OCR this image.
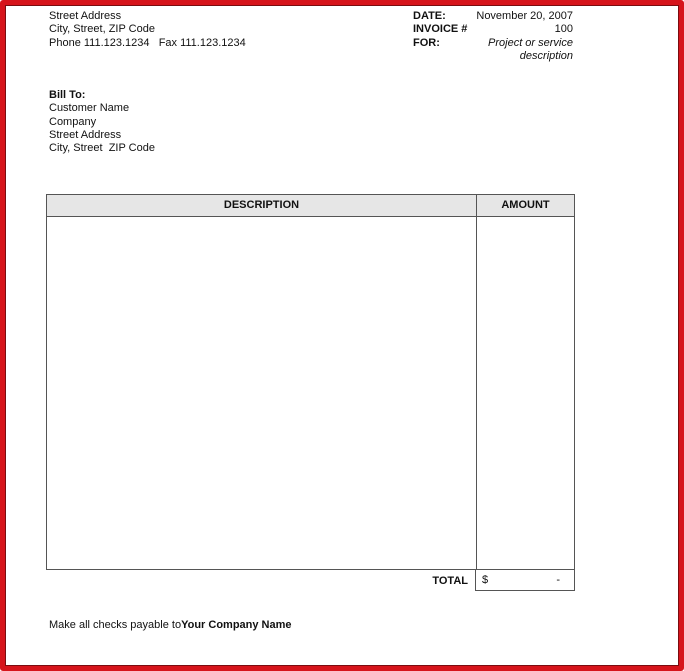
Street Address
City, Street, ZIP Code
Phone 111.123.1234   Fax 111.123.1234
DATE:	November 20, 2007
INVOICE #	100
FOR:	Project or service
description
Bill To:
Customer Name
Company
Street Address
City, Street  ZIP Code
DESCRIPTION	AMOUNT
TOTAL $	-
Make all checks payable toYour Company Name
